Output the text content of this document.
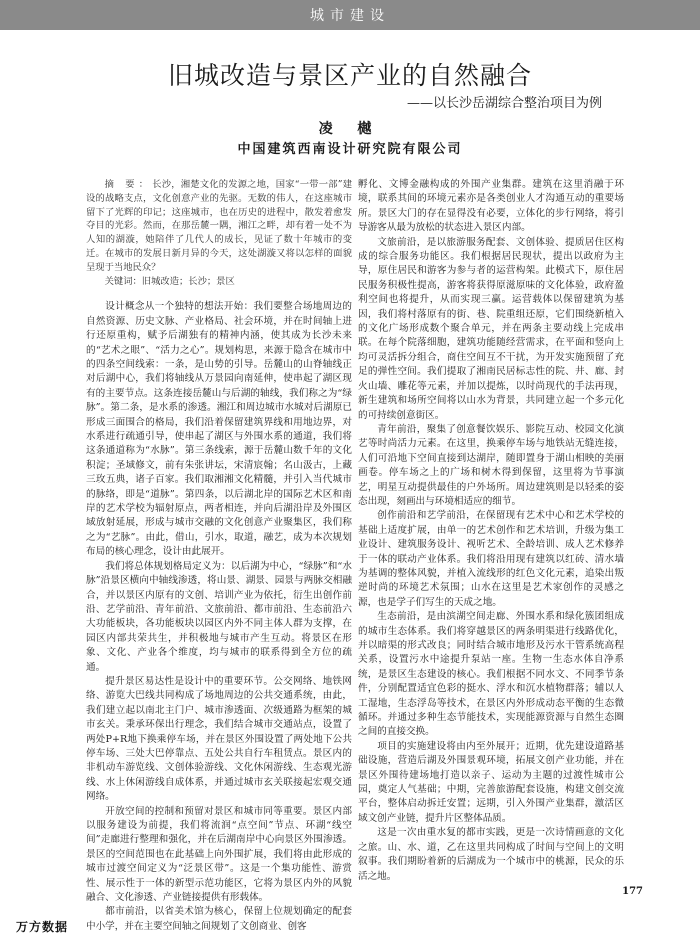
城市建设
旧城改造与景区产业的自然融合
——以长沙岳湖综合整治项目为例
凌 樾
中国建筑西南设计研究院有限公司

摘 要：长沙，湘楚文化的发源之地，国家“一带一部”建设的战略支点，文化创意产业的先驱。无数的伟人，在这座城市留下了光辉的印记；这座城市，也在历史的进程中，散发着愈发夺目的光彩。然而，在那岳麓一隅，湘江之畔，却有着一处不为人知的湖漩，她陪伴了几代人的成长，见证了数十年城市的变迁。在城市的发展日新月异的今天，这处湖漩又将以怎样的面貌呈现于当地民众？

关键词：旧城改造；长沙；景区

设计概念从一个独特的想法开始：我们要整合场地周边的自然资源、历史文脉、产业格局、社会环境，并在时间轴上进行还原重构，赋予后湖独有的精神内涵，使其成为长沙未来的“艺术之眼”、“活力之心”。规划构思，来源于隐含在城市中的四条空间线索：一条，是山势的引导。岳麓山的山脊轴线正对后湖中心，我们将轴线从万景园向南延伸，使串起了湖区现有的主要节点。这条连接岳麓山与后湖的轴线，我们称之为“绿脉”。第二条，是水系的渗透。湘江和周边城市水城对后湖原已形成三面围合的格局，我们沿着保留建筑界线和用地边界，对水系进行疏通引导，使串起了湖区与外围水系的通道，我们将这条通道称为“水脉”。第三条线索，源于岳麓山数千年的文化积淀；圣域修文，前有朱张讲坛，宋清宸翰；名山汲古，上藏三玫五典，诸子百家。我们取湘湘文化精髓，并引入当代城市的脉络，即是“道脉”。第四条，以后湖北岸的国际艺术区和南岸的艺术学校为辐射原点，两者相连，并向后湖沿岸及外围区域放射延展，形成与城市交融的文化创意产业聚集区，我们称之为“艺脉”。由此，借山，引水，取道，融艺，成为本次规划布局的核心理念，设计由此展开。

我们将总体规划格局定义为：以后湖为中心，“绿脉”和“水脉”沿景区横向中轴线渗透，将山景、湖景、园景与两脉交相融合，并以景区内原有的文创、培训产业为依托，衍生出创作前沿、艺学前沿、青年前沿、文旅前沿、都市前沿、生态前沿六大功能板块，各功能板块以园区内外不同主体人群为支撑，在园区内部共荣共生，并积极地与城市产生互动。将景区在形象、文化、产业各个维度，均与城市的联系得到全方位的疏通。

提升景区易达性是设计中的重要环节。公交网络、地铁网络、游览大巴线共同构成了场地周边的公共交通系统，由此，我们建立起以南北主门户、城市渗透面、次级通路为框架的城市玄关。秉承环保出行理念，我们结合城市交通站点，设置了两处P+R地下换乘停车场，并在景区外围设置了两处地下公共停车场、三处大巴停靠点、五处公共自行车租赁点。景区内的非机动车游览线、文创体验游线、文化休闲游线、生态观光游线、水上休闲游线自成体系，并通过城市玄关联接起宏观交通网络。

开放空间的控制和预留对景区和城市同等重要。景区内部以服务建设为前提，我们将流润“点空间”节点、环湖“线空间”走廊进行整理和强化，并在后湖南岸中心向景区外围渗透。景区的空间范围也在此基础上向外围扩展，我们将由此形成的城市过渡空间定义为“泛景区带”。这是一个集功能性、游赏性、展示性于一体的新型示范功能区，它将为景区内外的风貌融合、文化渗透、产业链接提供有形载体。

都市前沿，以省美术馆为核心，保留上位规划确定的配套中小学，并在主要空间轴之间规划了文创商业、创客

孵化、文博金融构成的外围产业集群。建筑在这里消融于环境，联系其间的环境元素亦是各类创业人才沟通互动的重要场所。景区大门的存在显得没有必要，立体化的步行网络，将引导游客从最为放松的状态进入景区内部。

文旅前沿，是以旅游服务配套、文创体验、提质居住区构成的综合服务功能区。我们根据居民现状，提出以政府为主导，原住居民和游客为参与者的运营构架。此模式下，原住居民服务积极性提高，游客将获得原滋原味的文化体验，政府盈利空间也将提升，从而实现三赢。运营载体以保留建筑为基因，我们将村落原有的街、巷、院重组还原，它们围绕新植入的文化广场形成数个聚合单元，并在两条主要动线上完成串联。在每个院落细胞，建筑功能随经营需求，在平面和竖向上均可灵活拆分组合，商住空间互不干扰，为开发实施预留了充足的弹性空间。我们提取了湘南民居标志性的院、井、廊、封火山墙、雕花等元素，并加以提炼，以时尚现代的手法再现，新生建筑和场所空间将以山水为背景，共同建立起一个多元化的可持续创意街区。

青年前沿，聚集了创意餐饮娱乐、影院互动、校园文化演艺等时尚活力元素。在这里，换乘停车场与地铁站无缝连接，人们可沿地下空间直接到达湖岸，随即置身于湖山相映的美丽画卷。停车场之上的广场和树木得到保留，这里将为节事演艺，明星互动提供最佳的户外场所。周边建筑则是以轻柔的姿态出现，刻画出与环境相适应的细节。

创作前沿和艺学前沿，在保留现有艺术中心和艺术学校的基础上适度扩展，由单一的艺术创作和艺术培训，升级为集工业设计、建筑服务设计、视听艺术、全龄培训、成人艺术修养于一体的联动产业体系。我们将沿用现有建筑以红砖、清水墙为基调的整体风貌，并植入流线形的红色文化元素，追染出叛逆时尚的环境艺术氛围；山水在这里是艺术家创作的灵感之源，也是学子们写生的天成之地。

生态前沿，是由滨湖空间走廊、外围水系和绿化簇团组成的城市生态体系。我们将穿越景区的两条明渠进行线路优化，并以暗渠的形式改良；同时结合城市地形及污水干管系统高程关系，设置污水中途提升泵站一座。生物一生态水体自净系统，是景区生态建设的核心。我们根据不同水文、不同季节条件，分别配置适宜色彩的挺水、浮水和沉水植物群落；辅以人工湿地，生态浮岛等技术，在景区内外形成动态平衡的生态微循环。并通过多种生态节能技术，实现能源资源与自然生态圈之间的直接交换。

项目的实施建设将由内至外展开；近期，优先建设道路基础设施，营造后湖及外围景观环境，拓展文创产业功能，并在景区外围待建场地打造以亲子、运动为主题的过渡性城市公园，奠定人气基础；中期，完善旅游配套设施，构建文创交流平台，整体启动拆迁安置；远期，引入外围产业集群，激活区域文创产业链，提升片区整体品质。

这是一次由重水复的都市实践，更是一次诗情画意的文化之旅。山、水、道，乙在这里共同构成了时间与空间上的文明叙事。我们期盼着新的后湖成为一个城市中的桃源，民众的乐活之地。

177
万方数据
